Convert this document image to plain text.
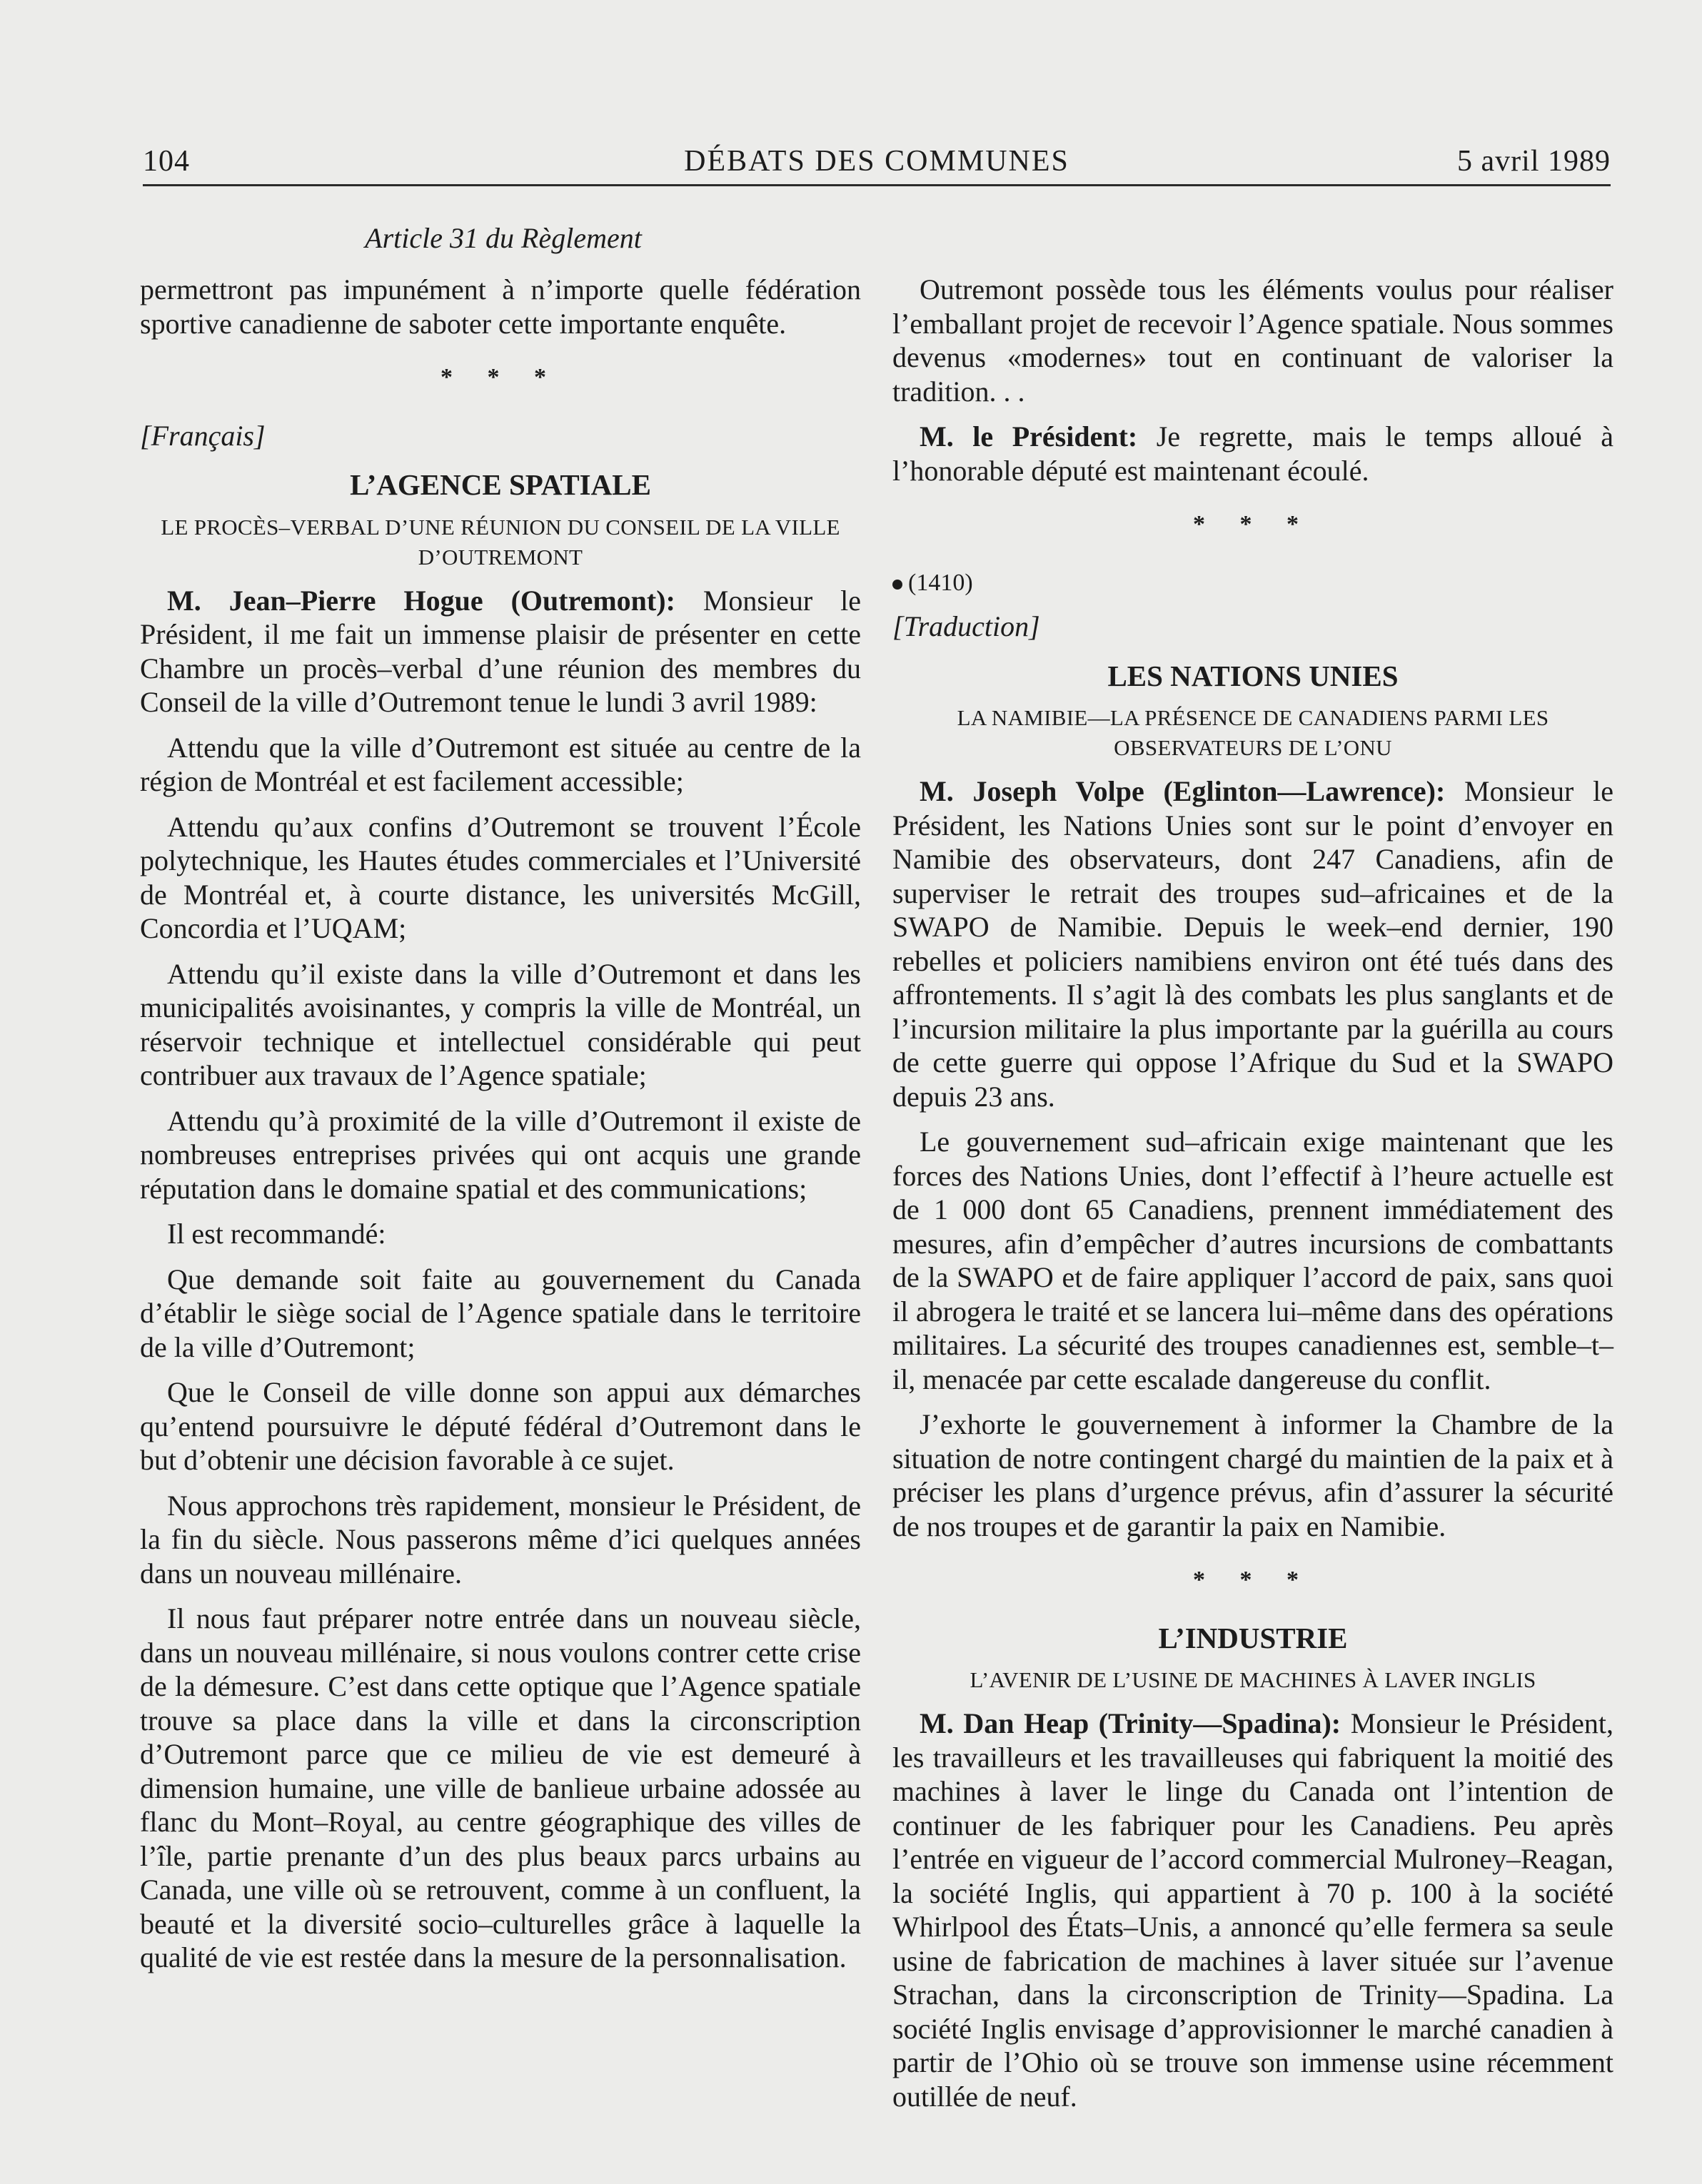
104	DÉBATS DES COMMUNES	5 avril 1989
Article 31 du Règlement

permettront pas impunément à n’importe quelle fédération sportive canadienne de saboter cette importante enquête.

* * *
[Français]
L’AGENCE SPATIALE
LE PROCÈS–VERBAL D’UNE RÉUNION DU CONSEIL DE LA VILLE D’OUTREMONT

M. Jean–Pierre Hogue (Outremont): Monsieur le Président, il me fait un immense plaisir de présenter en cette Chambre un procès–verbal d’une réunion des membres du Conseil de la ville d’Outremont tenue le lundi 3 avril 1989:

Attendu que la ville d’Outremont est située au centre de la région de Montréal et est facilement accessible;

Attendu qu’aux confins d’Outremont se trouvent l’École polytechnique, les Hautes études commerciales et l’Université de Montréal et, à courte distance, les universités McGill, Concordia et l’UQAM;

Attendu qu’il existe dans la ville d’Outremont et dans les municipalités avoisinantes, y compris la ville de Montréal, un réservoir technique et intellectuel considérable qui peut contribuer aux travaux de l’Agence spatiale;

Attendu qu’à proximité de la ville d’Outremont il existe de nombreuses entreprises privées qui ont acquis une grande réputation dans le domaine spatial et des communications;

Il est recommandé:

Que demande soit faite au gouvernement du Canada d’établir le siège social de l’Agence spatiale dans le territoire de la ville d’Outremont;

Que le Conseil de ville donne son appui aux démarches qu’entend poursuivre le député fédéral d’Outremont dans le but d’obtenir une décision favorable à ce sujet.

Nous approchons très rapidement, monsieur le Président, de la fin du siècle. Nous passerons même d’ici quelques années dans un nouveau millénaire.

Il nous faut préparer notre entrée dans un nouveau siècle, dans un nouveau millénaire, si nous voulons contrer cette crise de la démesure. C’est dans cette optique que l’Agence spatiale trouve sa place dans la ville et dans la circonscription d’Outremont parce que ce milieu de vie est demeuré à dimension humaine, une ville de banlieue urbaine adossée au flanc du Mont–Royal, au centre géographique des villes de l’île, partie prenante d’un des plus beaux parcs urbains au Canada, une ville où se retrouvent, comme à un confluent, la beauté et la diversité socio–culturelles grâce à laquelle la qualité de vie est restée dans la mesure de la personnalisation.

Outremont possède tous les éléments voulus pour réaliser l’emballant projet de recevoir l’Agence spatiale. Nous sommes devenus «modernes» tout en continuant de valoriser la tradition. . .

M. le Président: Je regrette, mais le temps alloué à l’honorable député est maintenant écoulé.

* * *
(1410)
[Traduction]
LES NATIONS UNIES
LA NAMIBIE—LA PRÉSENCE DE CANADIENS PARMI LES OBSERVATEURS DE L’ONU

M. Joseph Volpe (Eglinton—Lawrence): Monsieur le Président, les Nations Unies sont sur le point d’envoyer en Namibie des observateurs, dont 247 Canadiens, afin de superviser le retrait des troupes sud–africaines et de la SWAPO de Namibie. Depuis le week–end dernier, 190 rebelles et policiers namibiens environ ont été tués dans des affrontements. Il s’agit là des combats les plus sanglants et de l’incursion militaire la plus importante par la guérilla au cours de cette guerre qui oppose l’Afrique du Sud et la SWAPO depuis 23 ans.

Le gouvernement sud–africain exige maintenant que les forces des Nations Unies, dont l’effectif à l’heure actuelle est de 1 000 dont 65 Canadiens, prennent immédiatement des mesures, afin d’empêcher d’autres incursions de combattants de la SWAPO et de faire appliquer l’accord de paix, sans quoi il abrogera le traité et se lancera lui–même dans des opérations militaires. La sécurité des troupes canadiennes est, semble–t–il, menacée par cette escalade dangereuse du conflit.

J’exhorte le gouvernement à informer la Chambre de la situation de notre contingent chargé du maintien de la paix et à préciser les plans d’urgence prévus, afin d’assurer la sécurité de nos troupes et de garantir la paix en Namibie.

* * *
L’INDUSTRIE
L’AVENIR DE L’USINE DE MACHINES À LAVER INGLIS

M. Dan Heap (Trinity—Spadina): Monsieur le Président, les travailleurs et les travailleuses qui fabriquent la moitié des machines à laver le linge du Canada ont l’intention de continuer de les fabriquer pour les Canadiens. Peu après l’entrée en vigueur de l’accord commercial Mulroney–Reagan, la société Inglis, qui appartient à 70 p. 100 à la société Whirlpool des États–Unis, a annoncé qu’elle fermera sa seule usine de fabrication de machines à laver située sur l’avenue Strachan, dans la circonscription de Trinity—Spadina. La société Inglis envisage d’approvisionner le marché canadien à partir de l’Ohio où se trouve son immense usine récemment outillée de neuf.
